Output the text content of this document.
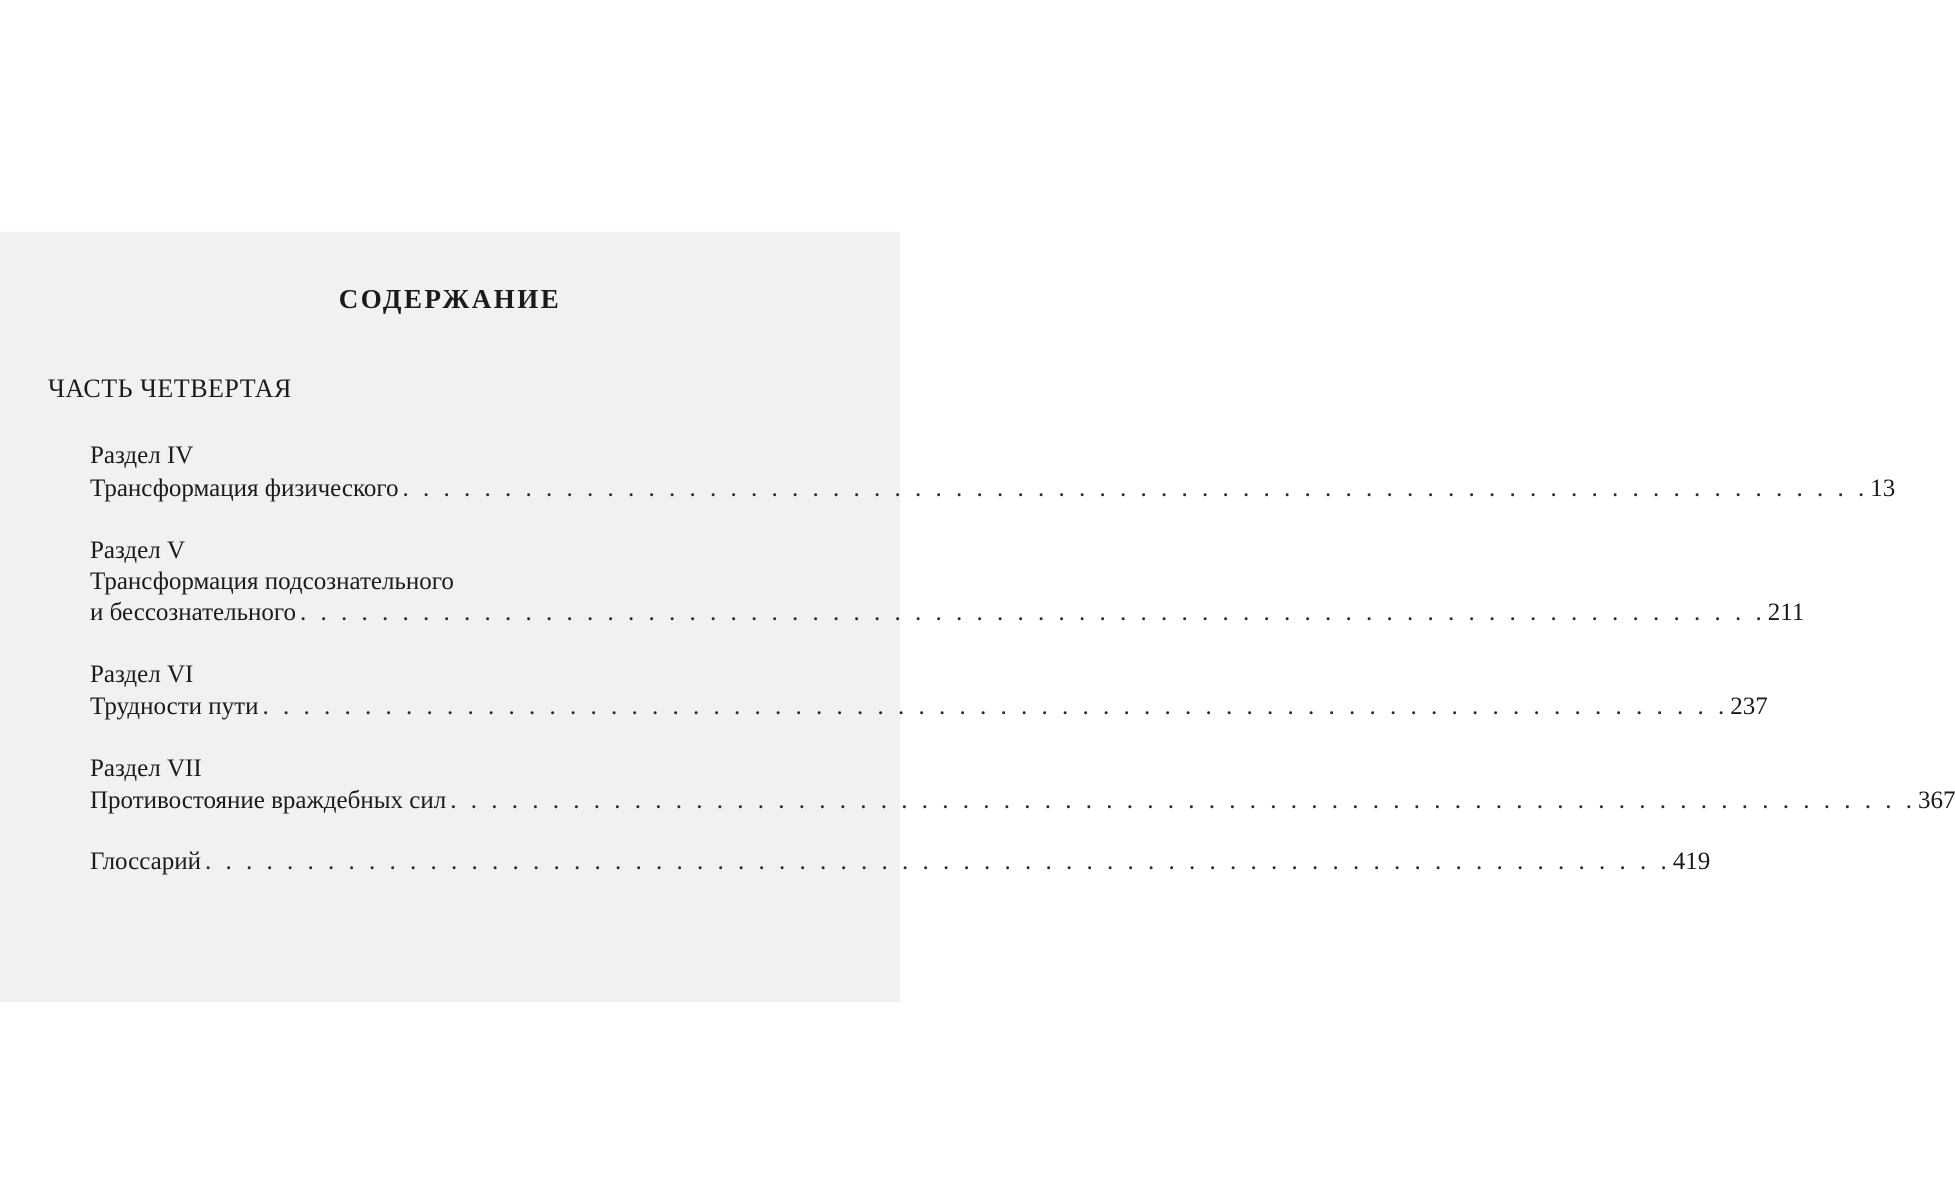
СОДЕРЖАНИЕ
ЧАСТЬ ЧЕТВЕРТАЯ
Раздел IV
Трансформация физического . . . . . . . . . . . . . . . . . . . . . . . . . . . . . . . . . . . . . . . . . . . . . . . . . . . . . . . . . . . . . . . . . . . . . . . . 13
Раздел V
Трансформация подсознательного
и бессознательного . . . . . . . . . . . . . . . . . . . . . . . . . . . . . . . . . . . . . . . . . . . . . . . . . . . . . . . . . . . . . . . . . . . . . . . . 211
Раздел VI
Трудности пути . . . . . . . . . . . . . . . . . . . . . . . . . . . . . . . . . . . . . . . . . . . . . . . . . . . . . . . . . . . . . . . . . . . . . . . . 237
Раздел VII
Противостояние враждебных сил . . . . . . . . . . . . . . . . . . . . . . . . . . . . . . . . . . . . . . . . . . . . . . . . . . . . . . . . . . . . . . . . . . . . . . . . 367
Глоссарий . . . . . . . . . . . . . . . . . . . . . . . . . . . . . . . . . . . . . . . . . . . . . . . . . . . . . . . . . . . . . . . . . . . . . . . . 419
